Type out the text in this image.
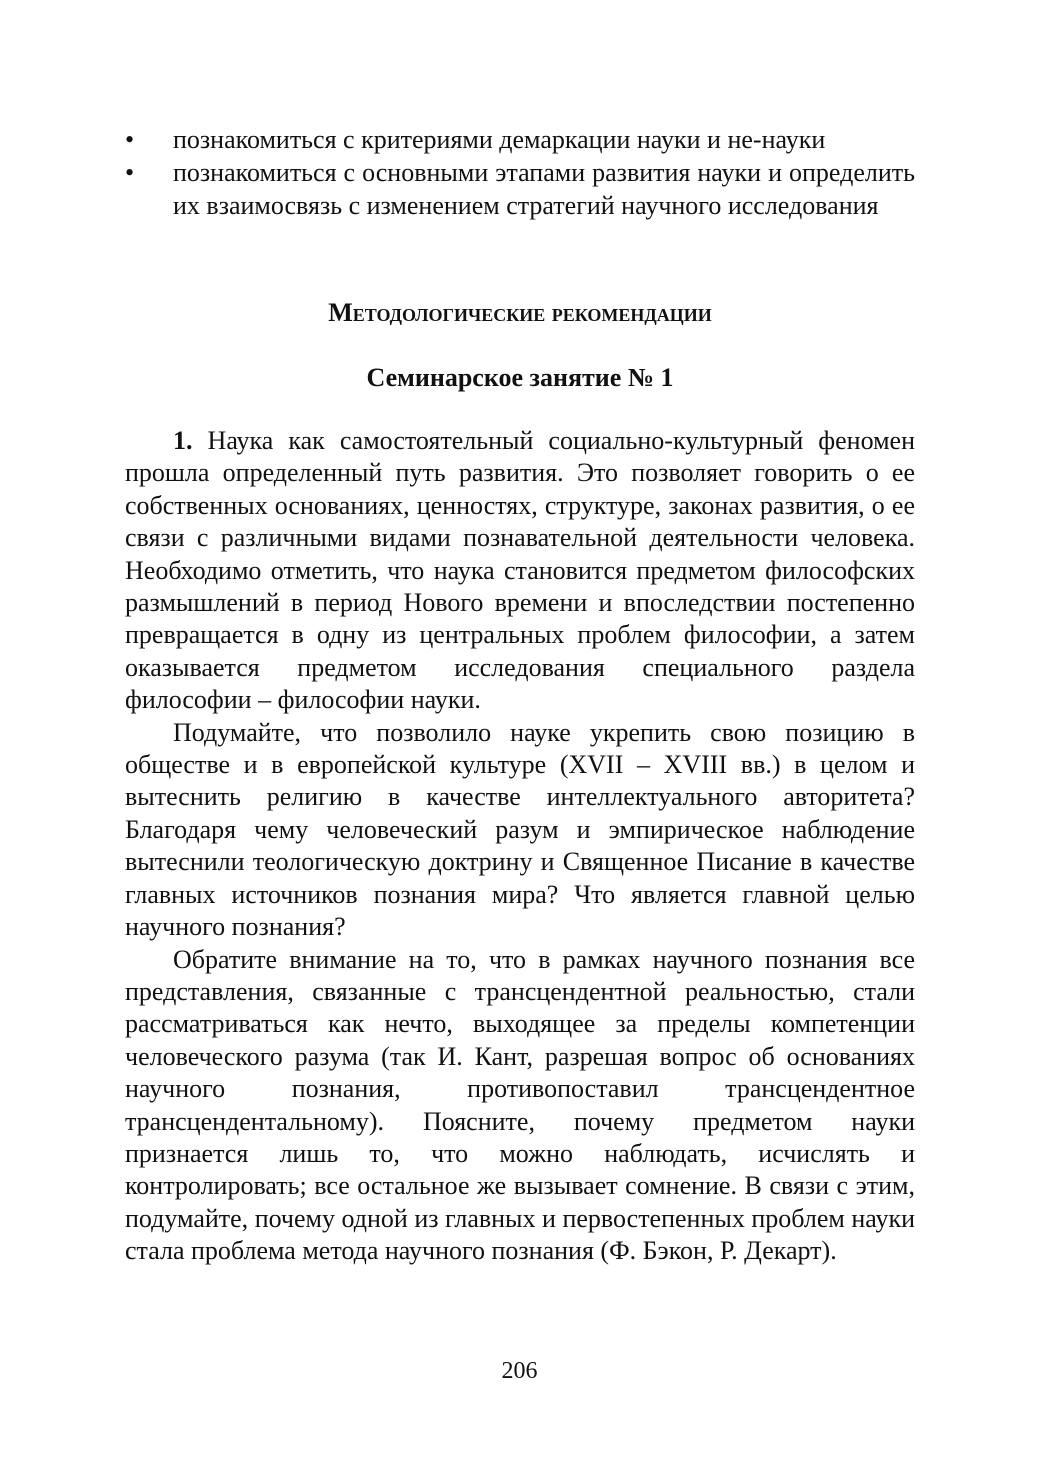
• познакомиться с критериями демаркации науки и не-науки
• познакомиться с основными этапами развития науки и определить их взаимосвязь с изменением стратегий научного исследования
Методологические рекомендации
Семинарское занятие № 1

1. Наука как самостоятельный социально-культурный феномен прошла определенный путь развития. Это позволяет говорить о ее собственных основаниях, ценностях, структуре, законах развития, о ее связи с различными видами познавательной деятельности человека. Необходимо отметить, что наука становится предметом философских размышлений в период Нового времени и впоследствии постепенно превращается в одну из центральных проблем философии, а затем оказывается предметом исследования специального раздела философии – философии науки.

Подумайте, что позволило науке укрепить свою позицию в обществе и в европейской культуре (XVII – XVIII вв.) в целом и вытеснить религию в качестве интеллектуального авторитета? Благодаря чему человеческий разум и эмпирическое наблюдение вытеснили теологическую доктрину и Священное Писание в качестве главных источников познания мира? Что является главной целью научного познания?

Обратите внимание на то, что в рамках научного познания все представления, связанные с трансцендентной реальностью, стали рассматриваться как нечто, выходящее за пределы компетенции человеческого разума (так И. Кант, разрешая вопрос об основаниях научного познания, противопоставил трансцендентное трансцендентальному). Поясните, почему предметом науки признается лишь то, что можно наблюдать, исчислять и контролировать; все остальное же вызывает сомнение. В связи с этим, подумайте, почему одной из главных и первостепенных проблем науки стала проблема метода научного познания (Ф. Бэкон, Р. Декарт).

206
